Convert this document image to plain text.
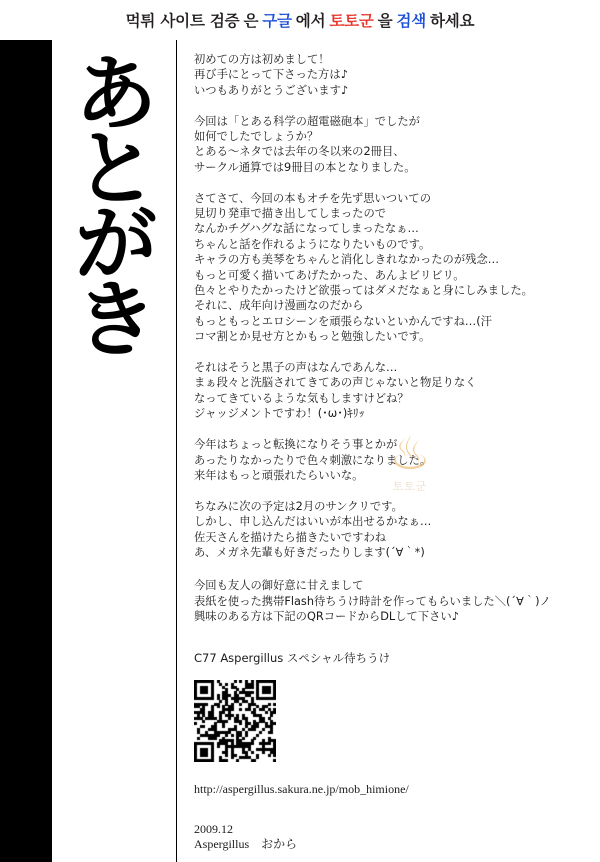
먹튀 사이트 검증 은 구글 에서 토토군 을 검색 하세요
あ
と
が
き
初めての方は初めまして！
再び手にとって下さった方は♪
いつもありがとうございます♪
今回は「とある科学の超電磁砲本」でしたが
如何でしたでしょうか？
とある〜ネタでは去年の冬以来の2冊目、
サークル通算では9冊目の本となりました。
さてさて、今回の本もオチを先ず思いついての
見切り発車で描き出してしまったので
なんかチグハグな話になってしまったなぁ…
ちゃんと話を作れるようになりたいものです。
キャラの方も美琴をちゃんと消化しきれなかったのが残念…
もっと可愛く描いてあげたかった、あんよビリビリ。
色々とやりたかったけど欲張ってはダメだなぁと身にしみました。
それに、成年向け漫画なのだから
もっともっとエロシーンを頑張らないといかんですね…(汗
コマ割とか見せ方とかもっと勉強したいです。
それはそうと黒子の声はなんであんな…
まぁ段々と洗脳されてきてあの声じゃないと物足りなく
なってきているような気もしますけどね？
ジャッジメントですわ！(･ω･)ｷﾘｯ
今年はちょっと転換になりそう事とかが
あったりなかったりで色々刺激になりました。
来年はもっと頑張れたらいいな。
ちなみに次の予定は2月のサンクリです。
しかし、申し込んだはいいが本出せるかなぁ…
佐天さんを描けたら描きたいですわね
あ、メガネ先輩も好きだったりします(´∀｀*)
今回も友人の御好意に甘えまして
表紙を使った携帯Flash待ちうけ時計を作ってもらいました＼(´∀｀)ノ
興味のある方は下記のQRコードからDLして下さい♪
♨
토토군
C77 Aspergillus スペシャル待ちうけ
http://aspergillus.sakura.ne.jp/mob_himione/
2009.12
Aspergillus　おから
